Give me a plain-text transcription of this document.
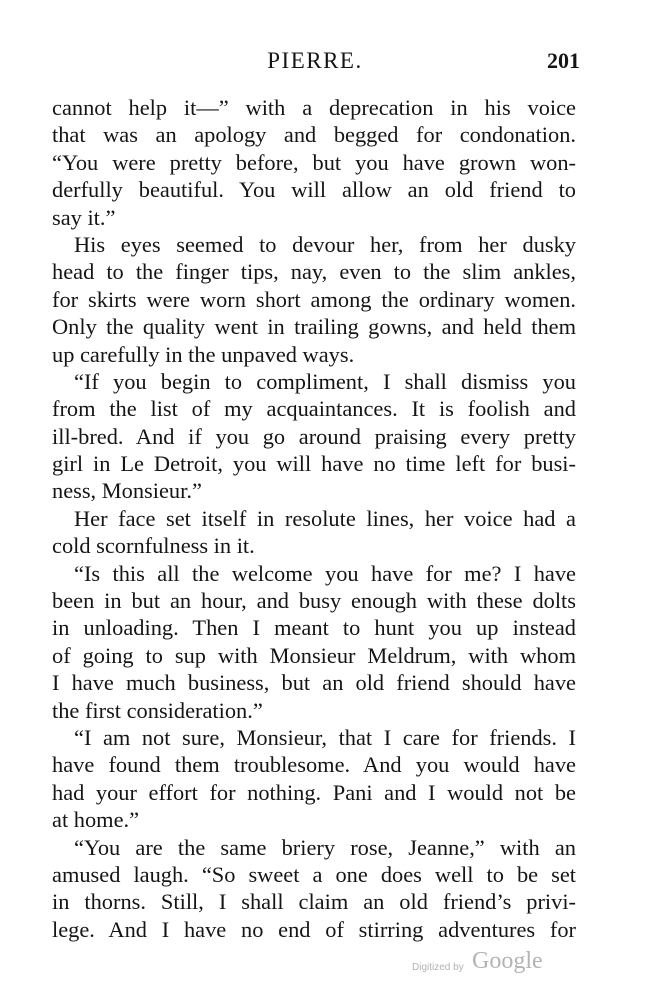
PIERRE.	201
cannot help it—” with a deprecation in his voice
that was an apology and begged for condonation.
“You were pretty before, but you have grown won-
derfully beautiful. You will allow an old friend to
say it.”
His eyes seemed to devour her, from her dusky
head to the finger tips, nay, even to the slim ankles,
for skirts were worn short among the ordinary women.
Only the quality went in trailing gowns, and held them
up carefully in the unpaved ways.
“If you begin to compliment, I shall dismiss you
from the list of my acquaintances. It is foolish and
ill-bred. And if you go around praising every pretty
girl in Le Detroit, you will have no time left for busi-
ness, Monsieur.”
Her face set itself in resolute lines, her voice had a
cold scornfulness in it.
“Is this all the welcome you have for me? I have
been in but an hour, and busy enough with these dolts
in unloading. Then I meant to hunt you up instead
of going to sup with Monsieur Meldrum, with whom
I have much business, but an old friend should have
the first consideration.”
“I am not sure, Monsieur, that I care for friends. I
have found them troublesome. And you would have
had your effort for nothing. Pani and I would not be
at home.”
“You are the same briery rose, Jeanne,” with an
amused laugh. “So sweet a one does well to be set
in thorns. Still, I shall claim an old friend’s privi-
lege. And I have no end of stirring adventures for
Digitized by Google
